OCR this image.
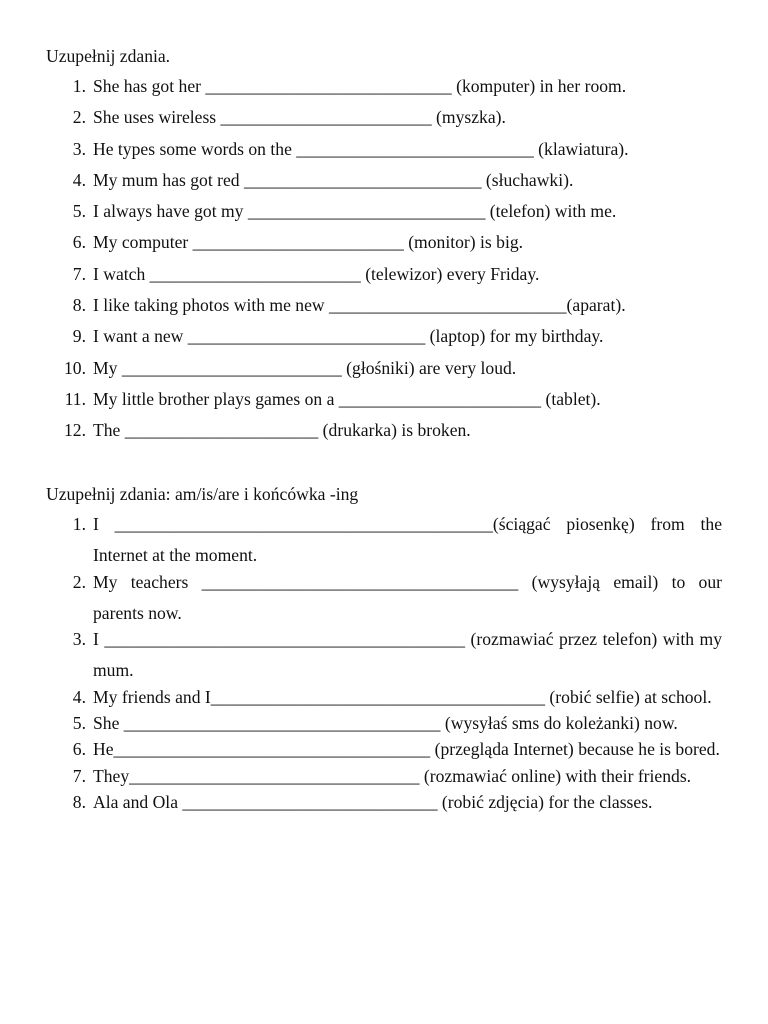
Uzupełnij zdania.
1. She has got her ____________________________ (komputer) in her room.
2. She uses wireless ________________________ (myszka).
3. He types some words on the ___________________________ (klawiatura).
4. My mum has got red ___________________________ (słuchawki).
5. I always have got my ___________________________ (telefon) with me.
6. My computer ________________________ (monitor) is big.
7. I watch ________________________ (telewizor) every Friday.
8. I like taking photos with me new ___________________________(aparat).
9. I want a new ___________________________ (laptop) for my birthday.
10. My _________________________ (głośniki) are very loud.
11. My little brother plays games on a _______________________ (tablet).
12. The ______________________ (drukarka) is broken.
Uzupełnij zdania: am/is/are i końcówka -ing
1. I ___________________________________________(ściągać piosenkę) from the Internet at the moment.
2. My teachers ____________________________________ (wysyłają email) to our parents now.
3. I _________________________________________ (rozmawiać przez telefon) with my mum.
4. My friends and I______________________________________ (robić selfie) at school.
5. She ____________________________________ (wysyłaś sms do koleżanki) now.
6. He____________________________________ (przegląda Internet) because he is bored.
7. They_________________________________ (rozmawiać online) with their friends.
8. Ala and Ola _____________________________ (robić zdjęcia) for the classes.
